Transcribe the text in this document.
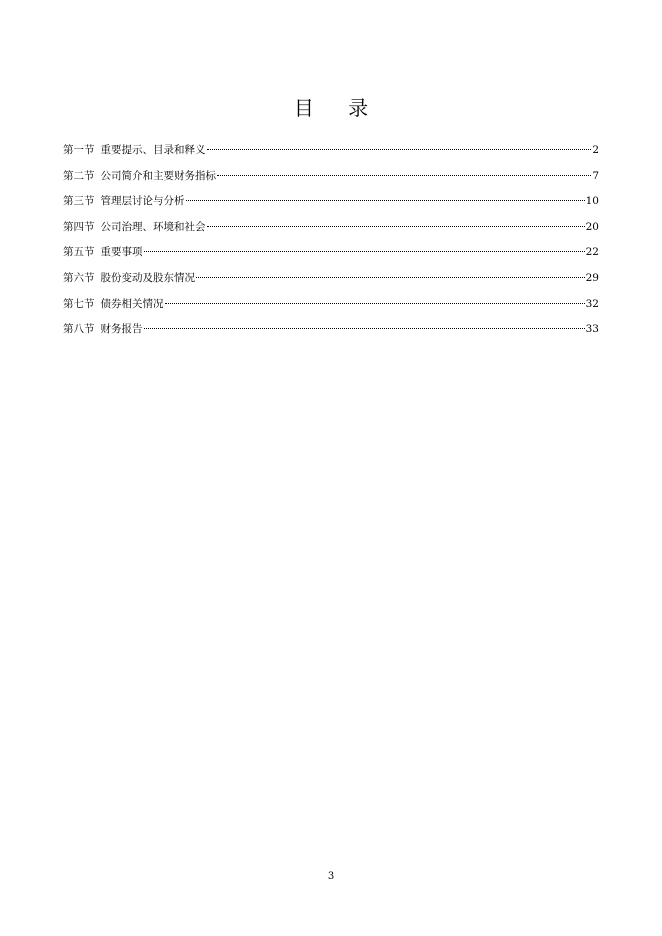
目 录
第一节 重要提示、目录和释义	2
第二节 公司简介和主要财务指标	7
第三节 管理层讨论与分析	10
第四节 公司治理、环境和社会	20
第五节 重要事项	22
第六节 股份变动及股东情况	29
第七节 债券相关情况	32
第八节 财务报告	33
3
